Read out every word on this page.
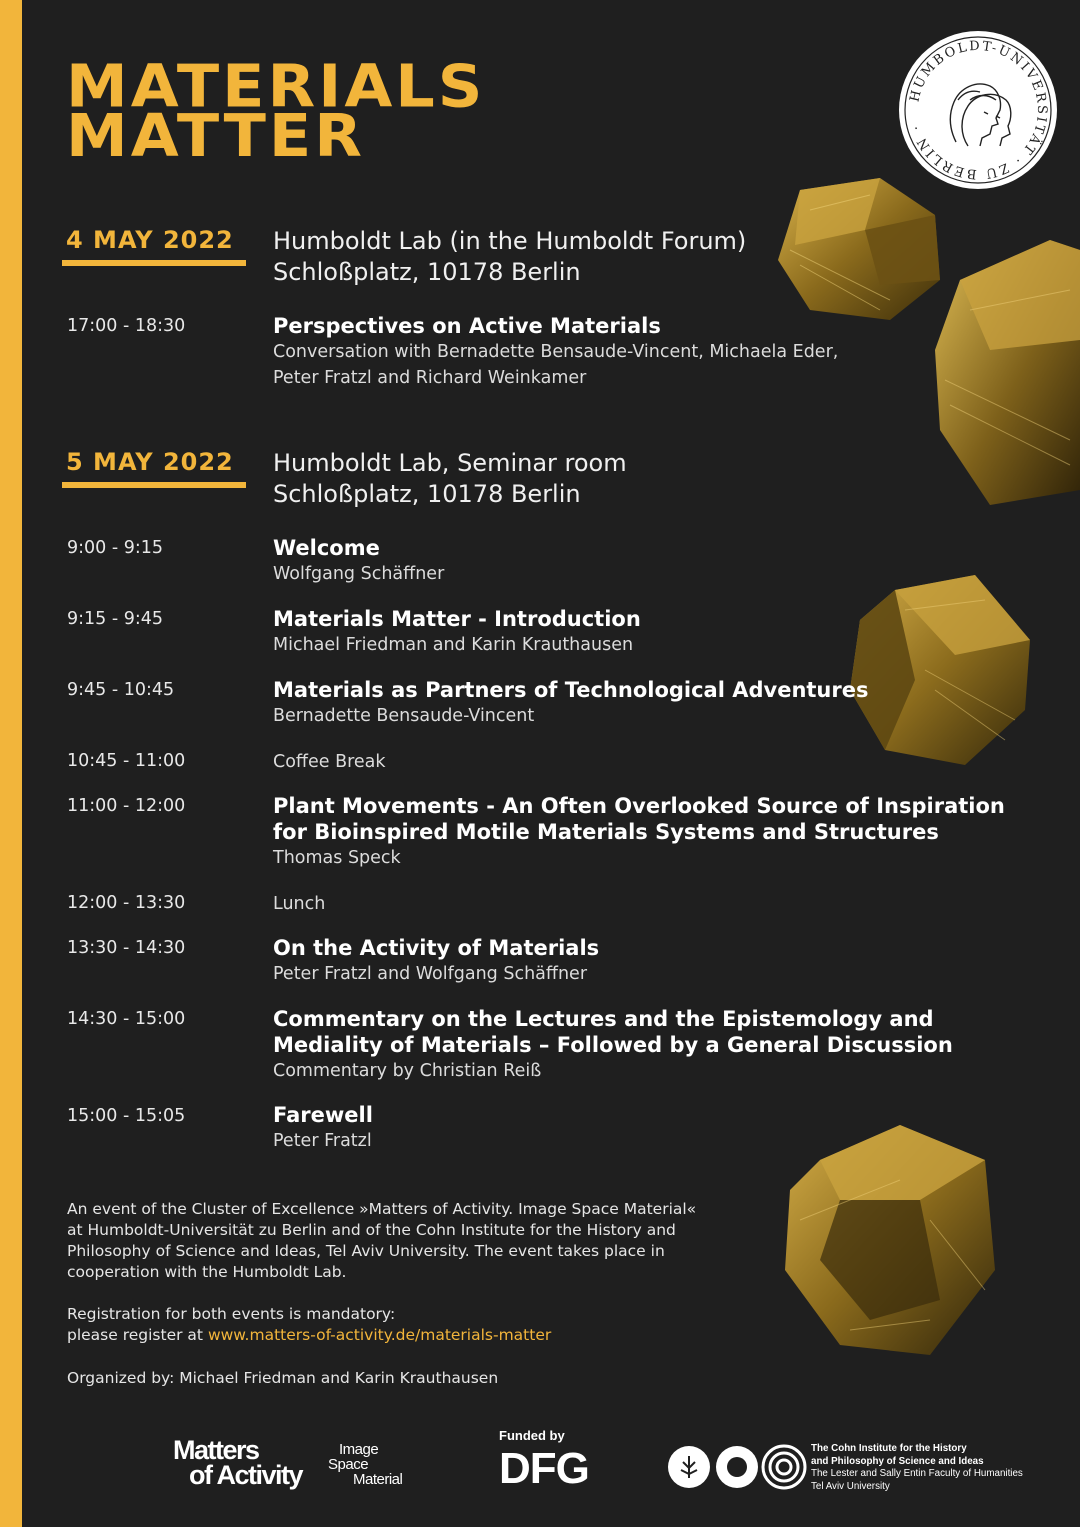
MATERIALS
MATTER
HUMBOLDT-UNIVERSITÄT · ZU BERLIN ·
4 MAY 2022 Humboldt Lab (in the Humboldt Forum)
Schloßplatz, 10178 Berlin
17:00 - 18:30	Perspectives on Active Materials
Conversation with Bernadette Bensaude-Vincent, Michaela Eder,
Peter Fratzl and Richard Weinkamer
5 MAY 2022 Humboldt Lab, Seminar room
Schloßplatz, 10178 Berlin
9:00 - 9:15	Welcome
Wolfgang Schäffner
9:15 - 9:45	Materials Matter - Introduction
Michael Friedman and Karin Krauthausen
9:45 - 10:45	Materials as Partners of Technological Adventures
Bernadette Bensaude-Vincent
10:45 - 11:00	Coffee Break
11:00 - 12:00	Plant Movements - An Often Overlooked Source of Inspiration
for Bioinspired Motile Materials Systems and Structures
Thomas Speck
12:00 - 13:30	Lunch
13:30 - 14:30	On the Activity of Materials
Peter Fratzl and Wolfgang Schäffner
14:30 - 15:00	Commentary on the Lectures and the Epistemology and
Mediality of Materials – Followed by a General Discussion
Commentary by Christian Reiß
15:00 - 15:05	Farewell
Peter Fratzl
An event of the Cluster of Excellence »Matters of Activity. Image Space Material«
at Humboldt-Universität zu Berlin and of the Cohn Institute for the History and
Philosophy of Science and Ideas, Tel Aviv University. The event takes place in
cooperation with the Humboldt Lab.
Registration for both events is mandatory:
please register at www.matters-of-activity.de/materials-matter
Organized by: Michael Friedman and Karin Krauthausen
Matters
of Activity
Image
Space
Material
Funded by
DFG	The Cohn Institute for the History
and Philosophy of Science and Ideas
The Lester and Sally Entin Faculty of Humanities
Tel Aviv University
